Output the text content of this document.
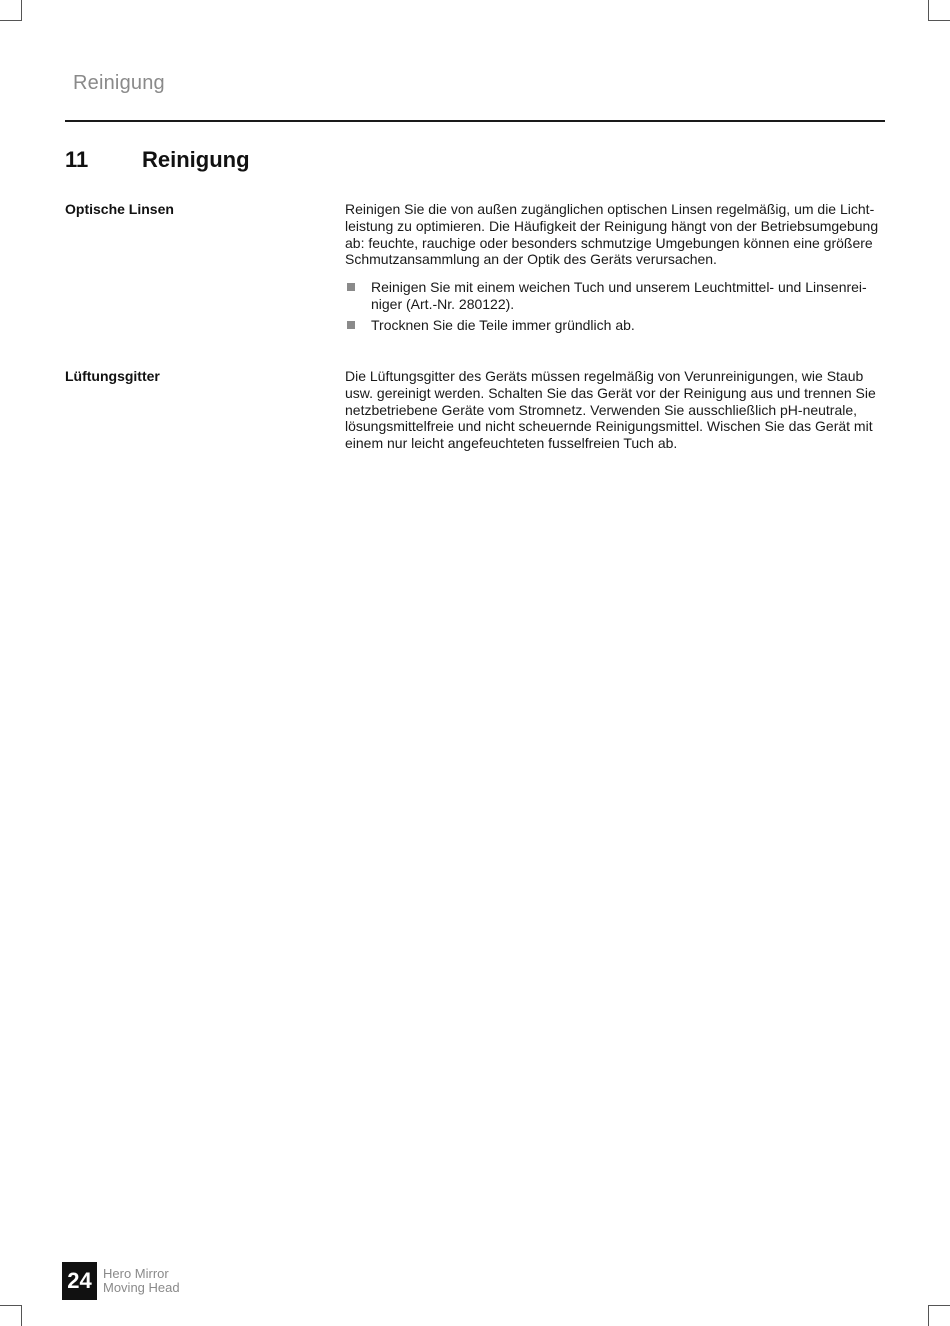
Reinigung
11 Reinigung
Optische Linsen	Reinigen Sie die von außen zugänglichen optischen Linsen regelmäßig, um die Lichtleistung zu optimieren. Die Häufigkeit der Reinigung hängt von der Betriebsumgebung ab: feuchte, rauchige oder besonders schmutzige Umgebungen können eine größere Schmutzansammlung an der Optik des Geräts verursachen.

Reinigen Sie mit einem weichen Tuch und unserem Leuchtmittel- und Linsenreiniger (Art.-Nr. 280122).
Trocknen Sie die Teile immer gründlich ab.
Lüftungsgitter	Die Lüftungsgitter des Geräts müssen regelmäßig von Verunreinigungen, wie Staub usw. gereinigt werden. Schalten Sie das Gerät vor der Reinigung aus und trennen Sie netzbetriebene Geräte vom Stromnetz. Verwenden Sie ausschließlich pH-neutrale, lösungsmittelfreie und nicht scheuernde Reinigungsmittel. Wischen Sie das Gerät mit einem nur leicht angefeuchteten fusselfreien Tuch ab.

24 Hero Mirror
Moving Head
